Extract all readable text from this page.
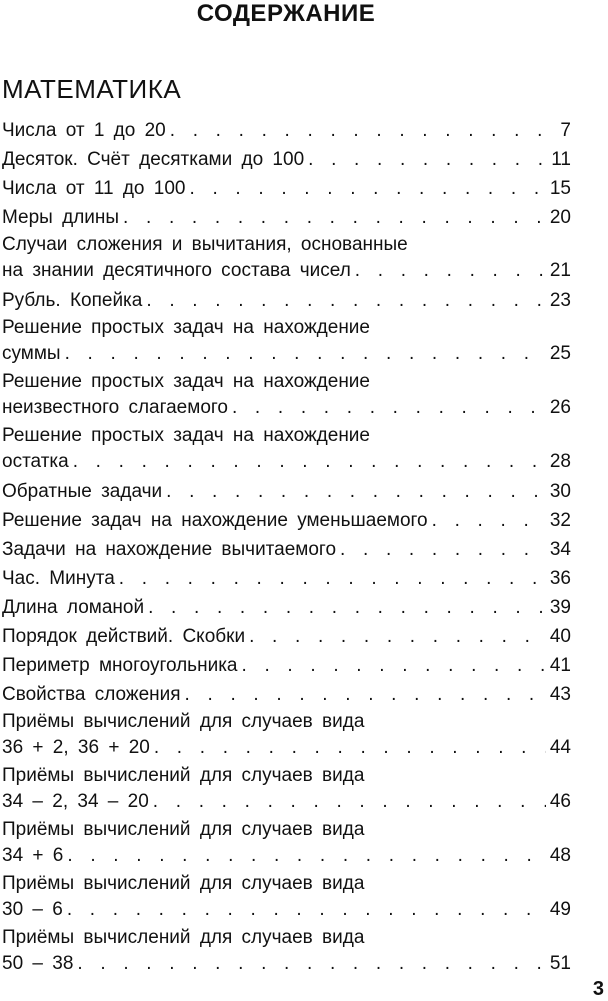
СОДЕРЖАНИЕ
МАТЕМАТИКА
Числа от 1 до 20 . . .	7
Десяток. Счёт десятками до 100 . . .	11
Числа от 11 до 100 . . .	15
Меры длины . . .	20
Случаи сложения и вычитания, основанные
на знании десятичного состава чисел . . .	21
Рубль. Копейка . . .	23
Решение простых задач на нахождение
суммы . . .	25
Решение простых задач на нахождение
неизвестного слагаемого . . .	26
Решение простых задач на нахождение
остатка . . .	28
Обратные задачи . . .	30
Решение задач на нахождение уменьшаемого . . .	32
Задачи на нахождение вычитаемого . . .	34
Час. Минута . . .	36
Длина ломаной . . .	39
Порядок действий. Скобки . . .	40
Периметр многоугольника . . .	41
Свойства сложения . . .	43
Приёмы вычислений для случаев вида
36 + 2, 36 + 20 . . .	44
Приёмы вычислений для случаев вида
34 – 2, 34 – 20 . . .	46
Приёмы вычислений для случаев вида
34 + 6 . . .	48
Приёмы вычислений для случаев вида
30 – 6 . . .	49
Приёмы вычислений для случаев вида
50 – 38 . . .	51
3
